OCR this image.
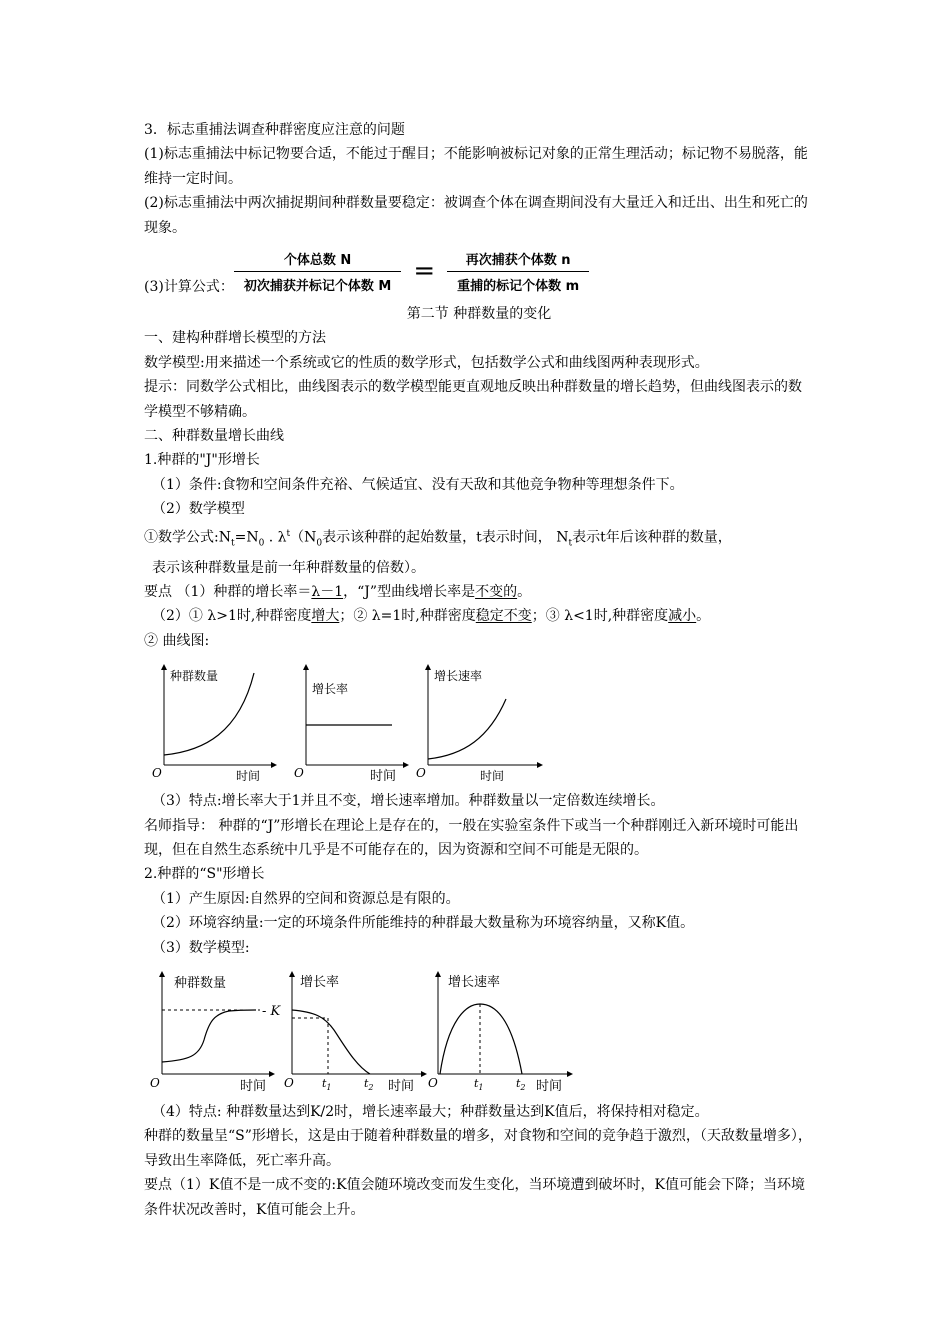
3．标志重捕法调查种群密度应注意的问题

(1)标志重捕法中标记物要合适，不能过于醒目；不能影响被标记对象的正常生理活动；标记物不易脱落，能维持一定时间。

(2)标志重捕法中两次捕捉期间种群数量要稳定：被调查个体在调查期间没有大量迁入和迁出、出生和死亡的现象。

(3)计算公式： $\frac{\text{个体总数 N}}{\text{初次捕获并标记个体数 M}} = \frac{\text{再次捕获个体数 n}}{\text{重捕的标记个体数 m}}$

第二节 种群数量的变化

一、建构种群增长模型的方法

数学模型:用来描述一个系统或它的性质的数学形式，包括数学公式和曲线图两种表现形式。

提示：同数学公式相比，曲线图表示的数学模型能更直观地反映出种群数量的增长趋势，但曲线图表示的数学模型不够精确。

二、种群数量增长曲线

1.种群的"J"形增长

（1）条件:食物和空间条件充裕、气候适宜、没有天敌和其他竞争物种等理想条件下。

（2）数学模型

①数学公式$:N_t=N_0$ . $\lambda^t(N_0$表示该种群的起始数量，t表示时间， $N_t$表示t年后该种群的数量，

表示该种群数量是前一年种群数量的倍数）。

要点 （1）种群的增长率＝λ－1，“J”型曲线增长率是不变的。

（2）① λ>1时,种群密度增大；② λ=1时,种群密度稳定不变；③ λ<1时,种群密度减小。

② 曲线图:

种群数量
O	时间
增长率
O	时间
增长速率
O	时间

（3）特点:增长率大于1并且不变，增长速率增加。种群数量以一定倍数连续增长。

名师指导： 种群的“J”形增长在理论上是存在的，一般在实验室条件下或当一个种群刚迁入新环境时可能出现，但在自然生态系统中几乎是不可能存在的，因为资源和空间不可能是无限的。

2.种群的“S"形增长

（1）产生原因:自然界的空间和资源总是有限的。

（2）环境容纳量:一定的环境条件所能维持的种群最大数量称为环境容纳量，又称K值。

（3）数学模型:

- K
种群数量
O	时间
增长率
O	$t_1$	$t_2$ 时间
增长速率
O	$t_1$	$t_2$ 时间

（4）特点: 种群数量达到K/2时，增长速率最大；种群数量达到K值后，将保持相对稳定。

种群的数量呈“S”形增长，这是由于随着种群数量的增多，对食物和空间的竞争趋于激烈，（天敌数量增多），导致出生率降低，死亡率升高。

要点（1）K值不是一成不变的:K值会随环境改变而发生变化，当环境遭到破坏时，K值可能会下降；当环境条件状况改善时，K值可能会上升。
